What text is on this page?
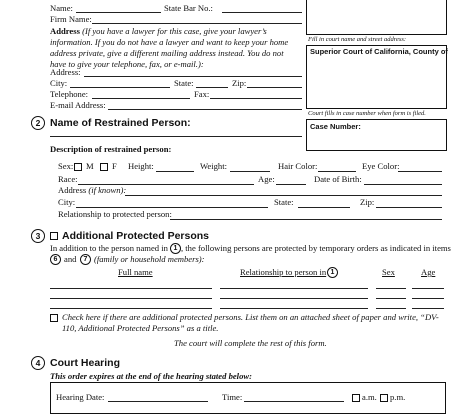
Fill in court name and street address:
Superior Court of California, County of
Court fills in case number when form is filed.
Case Number:
Name:	State Bar No.:
Firm Name:
Address (If you have a lawyer for this case, give your lawyer’s information. If you do not have a lawyer and want to keep your home address private, give a different mailing address instead. You do not have to give your telephone, fax, or e-mail.):
Address:
City:	State:	Zip:
Telephone:	Fax:
E-mail Address:
2 Name of Restrained Person:
Description of restrained person:
Sex: M F Height:	Weight:	Hair Color:	Eye Color:
Race:	Age:	Date of Birth:
Address (if known):
City:	State:	Zip:
Relationship to protected person:
3	Additional Protected Persons
In addition to the person named in 1 , the following persons are protected by temporary orders as indicated in items
6 and	7 (family or household members):
Full name	Relationship to person in 1	Sex	Age
Check here if there are additional protected persons. List them on an attached sheet of paper and write, “DV-110, Additional Protected Persons” as a title.
The court will complete the rest of this form.
4 Court Hearing
This order expires at the end of the hearing stated below:
Hearing Date:	Time:	a.m. p.m.
